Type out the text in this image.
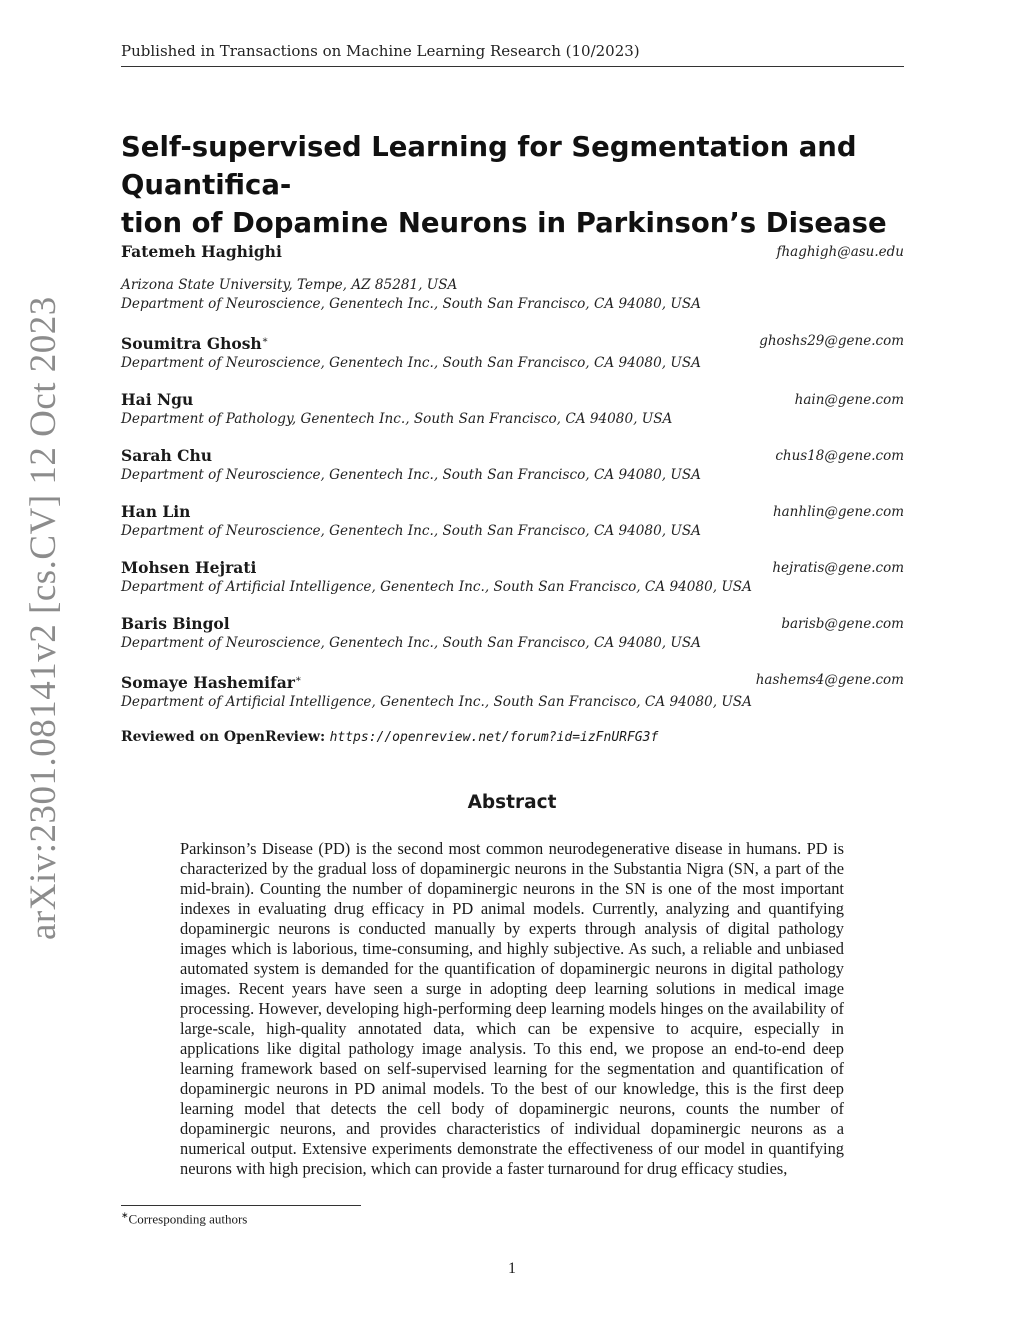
Published in Transactions on Machine Learning Research (10/2023)
arXiv:2301.08141v2 [cs.CV] 12 Oct 2023
Self-supervised Learning for Segmentation and Quantifica-
tion of Dopamine Neurons in Parkinson’s Disease
Fatemeh Haghighi	fhaghigh@asu.edu
Arizona State University, Tempe, AZ 85281, USA
Department of Neuroscience, Genentech Inc., South San Francisco, CA 94080, USA
Soumitra Ghosh∗	ghoshs29@gene.com
Department of Neuroscience, Genentech Inc., South San Francisco, CA 94080, USA
Hai Ngu	hain@gene.com
Department of Pathology, Genentech Inc., South San Francisco, CA 94080, USA
Sarah Chu	chus18@gene.com
Department of Neuroscience, Genentech Inc., South San Francisco, CA 94080, USA
Han Lin	hanhlin@gene.com
Department of Neuroscience, Genentech Inc., South San Francisco, CA 94080, USA
Mohsen Hejrati	hejratis@gene.com
Department of Artificial Intelligence, Genentech Inc., South San Francisco, CA 94080, USA
Baris Bingol	barisb@gene.com
Department of Neuroscience, Genentech Inc., South San Francisco, CA 94080, USA
Somaye Hashemifar∗	hashems4@gene.com
Department of Artificial Intelligence, Genentech Inc., South San Francisco, CA 94080, USA
Reviewed on OpenReview: https://openreview.net/forum?id=izFnURFG3f
Abstract
Parkinson’s Disease (PD) is the second most common neurodegenerative disease in humans. PD is characterized by the gradual loss of dopaminergic neurons in the Substantia Nigra (SN, a part of the mid-brain). Counting the number of dopaminergic neurons in the SN is one of the most important indexes in evaluating drug efficacy in PD animal models. Currently, analyzing and quantifying dopaminergic neurons is conducted manually by experts through analysis of digital pathology images which is laborious, time-consuming, and highly subjective. As such, a reliable and unbiased automated system is demanded for the quantification of dopaminergic neurons in digital pathology images. Recent years have seen a surge in adopting deep learning solutions in medical image processing. However, developing high-performing deep learning models hinges on the availability of large-scale, high-quality annotated data, which can be expensive to acquire, especially in applications like digital pathology image analysis. To this end, we propose an end-to-end deep learning framework based on self-supervised learning for the segmentation and quantification of dopaminergic neurons in PD animal models. To the best of our knowledge, this is the first deep learning model that detects the cell body of dopaminergic neurons, counts the number of dopaminergic neurons, and provides characteristics of individual dopaminergic neurons as a numerical output. Extensive experiments demonstrate the effectiveness of our model in quantifying neurons with high precision, which can provide a faster turnaround for drug efficacy studies,
∗Corresponding authors
1
